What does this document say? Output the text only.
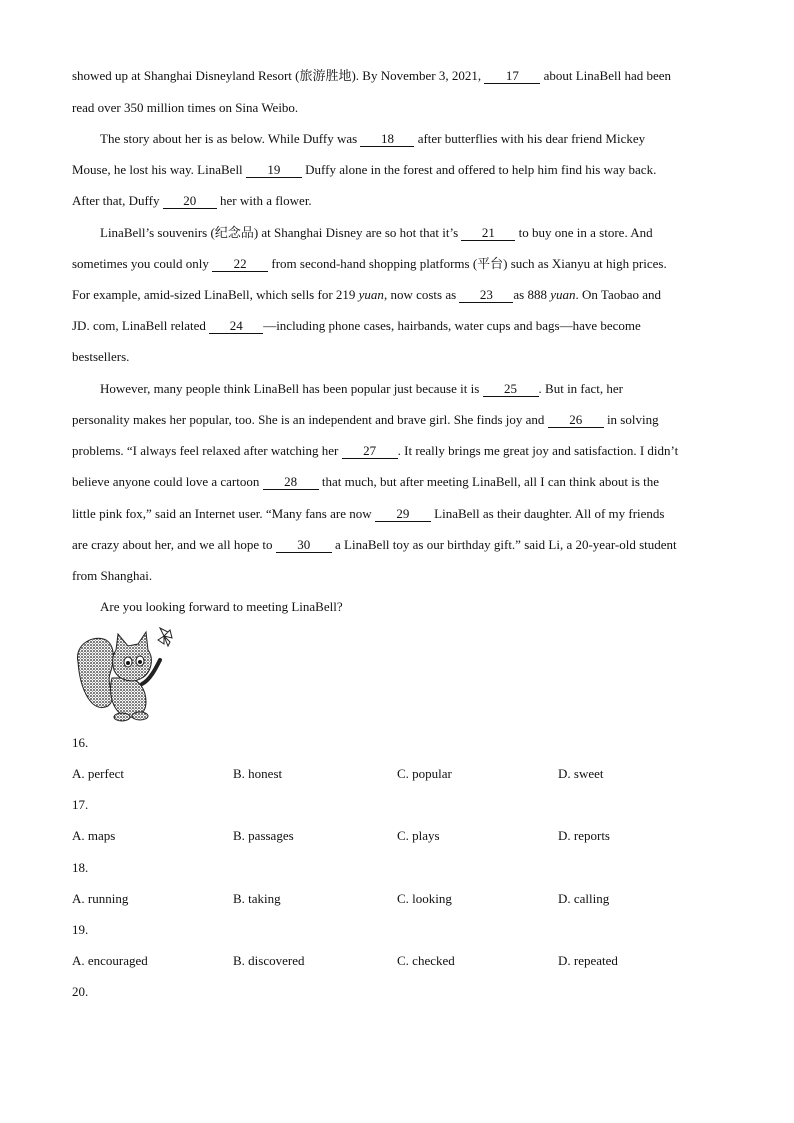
showed up at Shanghai Disneyland Resort (旅游胜地). By November 3, 2021, 17 about LinaBell had been
read over 350 million times on Sina Weibo.
The story about her is as below. While Duffy was 18 after butterflies with his dear friend Mickey
Mouse, he lost his way. LinaBell 19 Duffy alone in the forest and offered to help him find his way back.
After that, Duffy 20 her with a flower.
LinaBell’s souvenirs (纪念品) at Shanghai Disney are so hot that it’s 21 to buy one in a store. And
sometimes you could only 22 from second-hand shopping platforms (平台) such as Xianyu at high prices.
For example, amid-sized LinaBell, which sells for 219 yuan, now costs as 23 as 888 yuan. On Taobao and
JD. com, LinaBell related 24 —including phone cases, hairbands, water cups and bags—have become
bestsellers.
However, many people think LinaBell has been popular just because it is 25 . But in fact, her
personality makes her popular, too. She is an independent and brave girl. She finds joy and 26 in solving
problems. “I always feel relaxed after watching her 27 . It really brings me great joy and satisfaction. I didn’t
believe anyone could love a cartoon 28 that much, but after meeting LinaBell, all I can think about is the
little pink fox,” said an Internet user. “Many fans are now 29 LinaBell as their daughter. All of my friends
are crazy about her, and we all hope to 30 a LinaBell toy as our birthday gift.” said Li, a 20-year-old student
from Shanghai.
Are you looking forward to meeting LinaBell?
16.
A. perfect	B. honest	C. popular	D. sweet
17.
A. maps	B. passages	C. plays	D. reports
18.
A. running	B. taking	C. looking	D. calling
19.
A. encouraged	B. discovered	C. checked	D. repeated
20.
